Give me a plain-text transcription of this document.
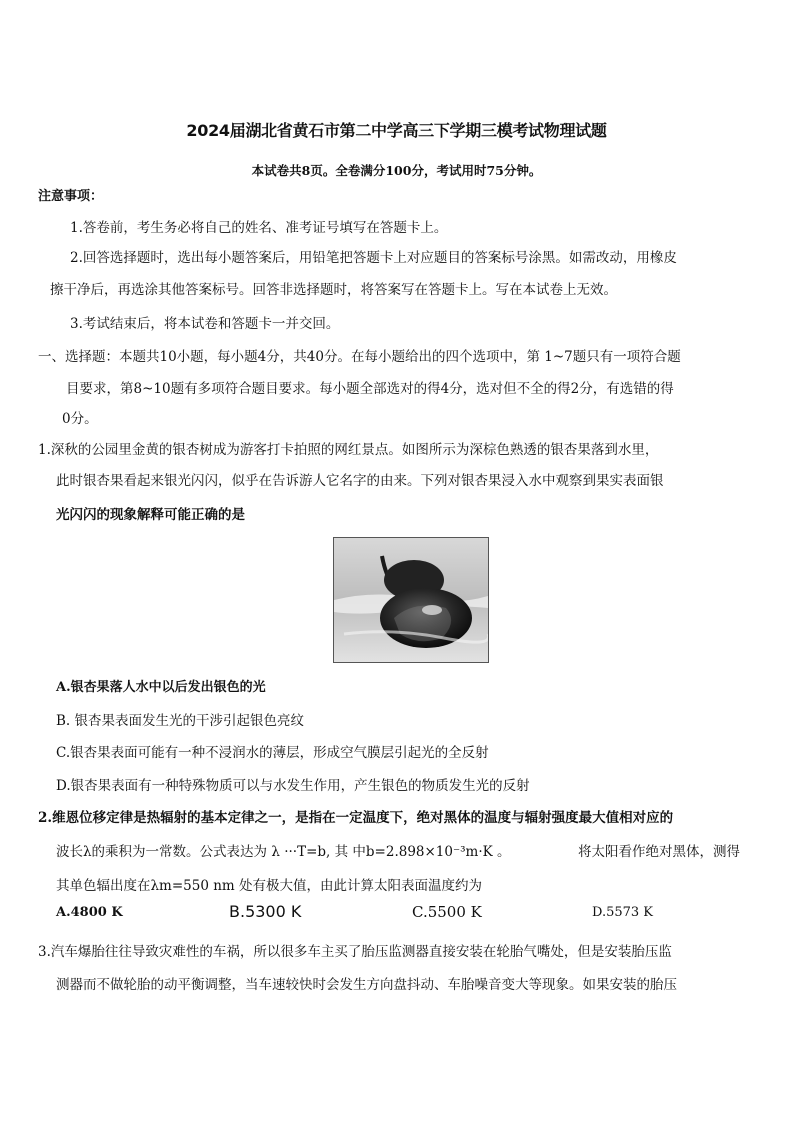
2024届湖北省黄石市第二中学高三下学期三模考试物理试题
本试卷共8页。全卷满分100分，考试用时75分钟。
注意事项：
1.答卷前，考生务必将自己的姓名、准考证号填写在答题卡上。
2.回答选择题时，选出每小题答案后，用铅笔把答题卡上对应题目的答案标号涂黑。如需改动，用橡皮
擦干净后，再选涂其他答案标号。回答非选择题时，将答案写在答题卡上。写在本试卷上无效。
3.考试结束后，将本试卷和答题卡一并交回。
一、选择题：本题共10小题，每小题4分，共40分。在每小题给出的四个选项中，第 1~7题只有一项符合题
目要求，第8~10题有多项符合题目要求。每小题全部选对的得4分，选对但不全的得2分，有选错的得
0分。
1.深秋的公园里金黄的银杏树成为游客打卡拍照的网红景点。如图所示为深棕色熟透的银杏果落到水里，
此时银杏果看起来银光闪闪，似乎在告诉游人它名字的由来。下列对银杏果浸入水中观察到果实表面银
光闪闪的现象解释可能正确的是
A.银杏果落人水中以后发出银色的光
B. 银杏果表面发生光的干涉引起银色亮纹
C.银杏果表面可能有一种不浸润水的薄层，形成空气膜层引起光的全反射
D.银杏果表面有一种特殊物质可以与水发生作用，产生银色的物质发生光的反射
2.维恩位移定律是热辐射的基本定律之一，是指在一定温度下，绝对黑体的温度与辐射强度最大值相对应的
波长λ的乘积为一常数。公式表达为 λ ···T=b, 其 中b=2.898×10⁻³m·K 。	将太阳看作绝对黑体，测得
其单色辐出度在λm=550 nm 处有极大值，由此计算太阳表面温度约为
A.4800 K	B.5300 K	C.5500 K	D.5573 K
3.汽车爆胎往往导致灾难性的车祸，所以很多车主买了胎压监测器直接安装在轮胎气嘴处，但是安装胎压监
测器而不做轮胎的动平衡调整，当车速较快时会发生方向盘抖动、车胎噪音变大等现象。如果安装的胎压
